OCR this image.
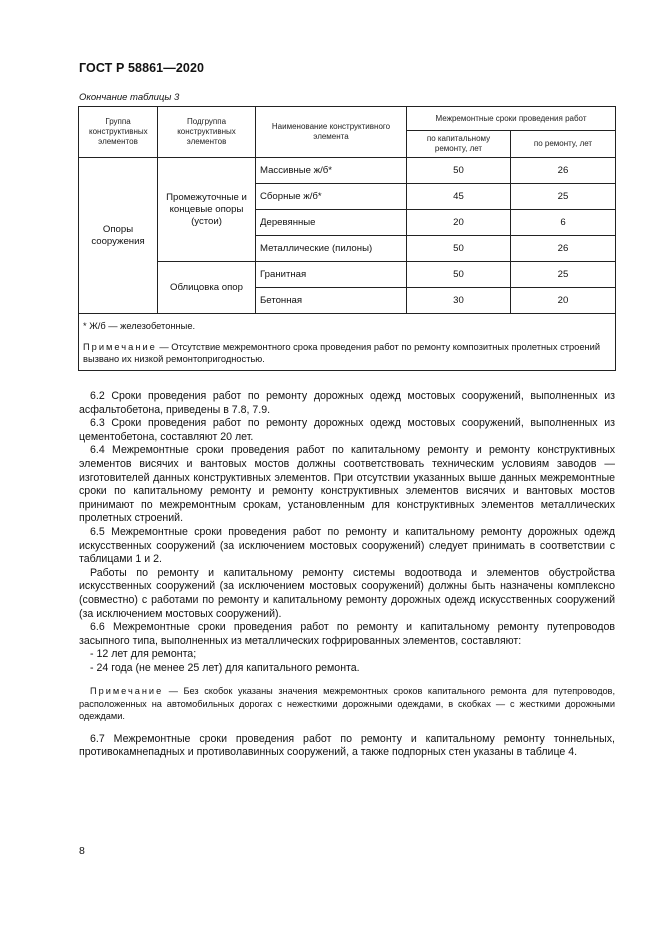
ГОСТ Р 58861—2020
Окончание таблицы 3
Группа конструктивных элементов	Подгруппа конструктивных элементов	Наименование конструктивного элемента	Межремонтные сроки проведения работ	
			по капитальному ремонту, лет	по ремонту, лет
Опоры сооружения	Промежуточные и концевые опоры (устои)	Массивные ж/б*	50	26
		Сборные ж/б*	45	25
		Деревянные	20	6
		Металлические (пилоны)	50	26
	Облицовка опор	Гранитная	50	25
		Бетонная	30	20

* Ж/б — железобетонные.
Примечание — Отсутствие межремонтного срока проведения работ по ремонту композитных пролетных строений вызвано их низкой ремонтопригодностью.				

6.2 Сроки проведения работ по ремонту дорожных одежд мостовых сооружений, выполненных из асфальтобетона, приведены в 7.8, 7.9.

6.3 Сроки проведения работ по ремонту дорожных одежд мостовых сооружений, выполненных из цементобетона, составляют 20 лет.

6.4 Межремонтные сроки проведения работ по капитальному ремонту и ремонту конструктивных элементов висячих и вантовых мостов должны соответствовать техническим условиям заводов — изготовителей данных конструктивных элементов. При отсутствии указанных выше данных межремонтные сроки по капитальному ремонту и ремонту конструктивных элементов висячих и вантовых мостов принимают по межремонтным срокам, установленным для конструктивных элементов металлических пролетных строений.

6.5 Межремонтные сроки проведения работ по ремонту и капитальному ремонту дорожных одежд искусственных сооружений (за исключением мостовых сооружений) следует принимать в соответствии с таблицами 1 и 2.

Работы по ремонту и капитальному ремонту системы водоотвода и элементов обустройства искусственных сооружений (за исключением мостовых сооружений) должны быть назначены комплексно (совместно) с работами по ремонту и капитальному ремонту дорожных одежд искусственных сооружений (за исключением мостовых сооружений).

6.6 Межремонтные сроки проведения работ по ремонту и капитальному ремонту путепроводов засыпного типа, выполненных из металлических гофрированных элементов, составляют:

- 12 лет для ремонта;

- 24 года (не менее 25 лет) для капитального ремонта.

Примечание — Без скобок указаны значения межремонтных сроков капитального ремонта для путепроводов, расположенных на автомобильных дорогах с нежесткими дорожными одеждами, в скобках — с жесткими дорожными одеждами.

6.7 Межремонтные сроки проведения работ по ремонту и капитальному ремонту тоннельных, противокамнепадных и противолавинных сооружений, а также подпорных стен указаны в таблице 4.

8
